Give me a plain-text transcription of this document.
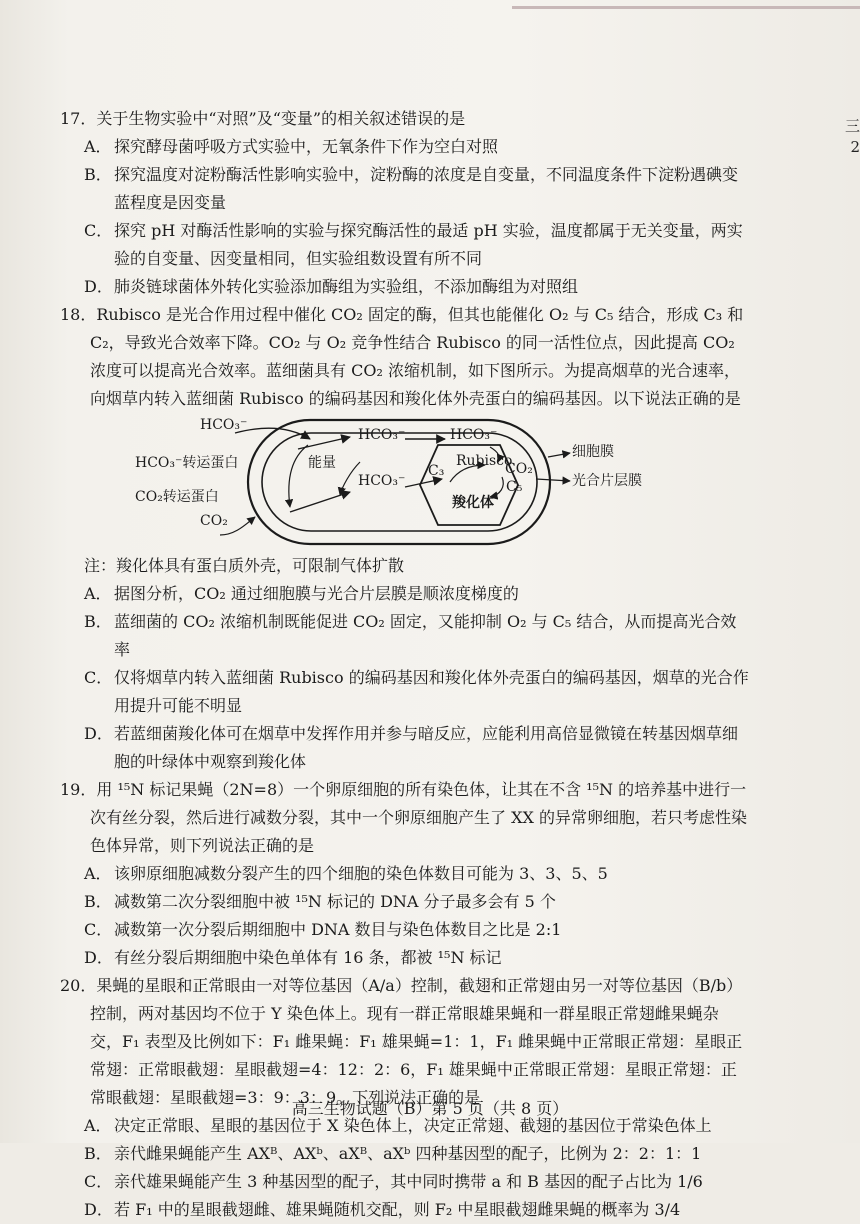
三
2
17．关于生物实验中“对照”及“变量”的相关叙述错误的是
A． 探究酵母菌呼吸方式实验中，无氧条件下作为空白对照
B． 探究温度对淀粉酶活性影响实验中，淀粉酶的浓度是自变量，不同温度条件下淀粉遇碘变蓝程度是因变量
C． 探究 pH 对酶活性影响的实验与探究酶活性的最适 pH 实验，温度都属于无关变量，两实验的自变量、因变量相同，但实验组数设置有所不同
D．肺炎链球菌体外转化实验添加酶组为实验组，不添加酶组为对照组
18．Rubisco 是光合作用过程中催化 CO₂ 固定的酶，但其也能催化 O₂ 与 C₅ 结合，形成 C₃ 和 C₂，导致光合效率下降。CO₂ 与 O₂ 竞争性结合 Rubisco 的同一活性位点，因此提高 CO₂ 浓度可以提高光合效率。蓝细菌具有 CO₂ 浓缩机制，如下图所示。为提高烟草的光合速率，向烟草内转入蓝细菌 Rubisco 的编码基因和羧化体外壳蛋白的编码基因。以下说法正确的是
HCO₃⁻
HCO₃⁻转运蛋白
CO₂转运蛋白
CO₂
能量
HCO₃⁻
HCO₃⁻
HCO₃⁻
Rubisco
C₃	CO₂
C₅
羧化体
细胞膜
光合片层膜
注：羧化体具有蛋白质外壳，可限制气体扩散
A． 据图分析，CO₂ 通过细胞膜与光合片层膜是顺浓度梯度的
B． 蓝细菌的 CO₂ 浓缩机制既能促进 CO₂ 固定，又能抑制 O₂ 与 C₅ 结合，从而提高光合效率
C． 仅将烟草内转入蓝细菌 Rubisco 的编码基因和羧化体外壳蛋白的编码基因，烟草的光合作用提升可能不明显
D．若蓝细菌羧化体可在烟草中发挥作用并参与暗反应，应能利用高倍显微镜在转基因烟草细胞的叶绿体中观察到羧化体
19．用 ¹⁵N 标记果蝇（2N=8）一个卵原细胞的所有染色体，让其在不含 ¹⁵N 的培养基中进行一次有丝分裂，然后进行减数分裂，其中一个卵原细胞产生了 XX 的异常卵细胞，若只考虑性染色体异常，则下列说法正确的是
A． 该卵原细胞减数分裂产生的四个细胞的染色体数目可能为 3、3、5、5
B． 减数第二次分裂细胞中被 ¹⁵N 标记的 DNA 分子最多会有 5 个
C． 减数第一次分裂后期细胞中 DNA 数目与染色体数目之比是 2:1
D．有丝分裂后期细胞中染色单体有 16 条，都被 ¹⁵N 标记
20．果蝇的星眼和正常眼由一对等位基因（A/a）控制，截翅和正常翅由另一对等位基因（B/b）控制，两对基因均不位于 Y 染色体上。现有一群正常眼雄果蝇和一群星眼正常翅雌果蝇杂交，F₁ 表型及比例如下：F₁ 雌果蝇：F₁ 雄果蝇=1：1，F₁ 雌果蝇中正常眼正常翅：星眼正常翅：正常眼截翅：星眼截翅=4：12：2：6，F₁ 雄果蝇中正常眼正常翅：星眼正常翅：正常眼截翅：星眼截翅=3：9：3：9。下列说法正确的是
A． 决定正常眼、星眼的基因位于 X 染色体上，决定正常翅、截翅的基因位于常染色体上
B． 亲代雌果蝇能产生 AXᴮ、AXᵇ、aXᴮ、aXᵇ 四种基因型的配子，比例为 2：2：1：1
C． 亲代雄果蝇能产生 3 种基因型的配子，其中同时携带 a 和 B 基因的配子占比为 1/6
D．若 F₁ 中的星眼截翅雌、雄果蝇随机交配，则 F₂ 中星眼截翅雌果蝇的概率为 3/4
高三生物试题（B）第 5 页（共 8 页）
